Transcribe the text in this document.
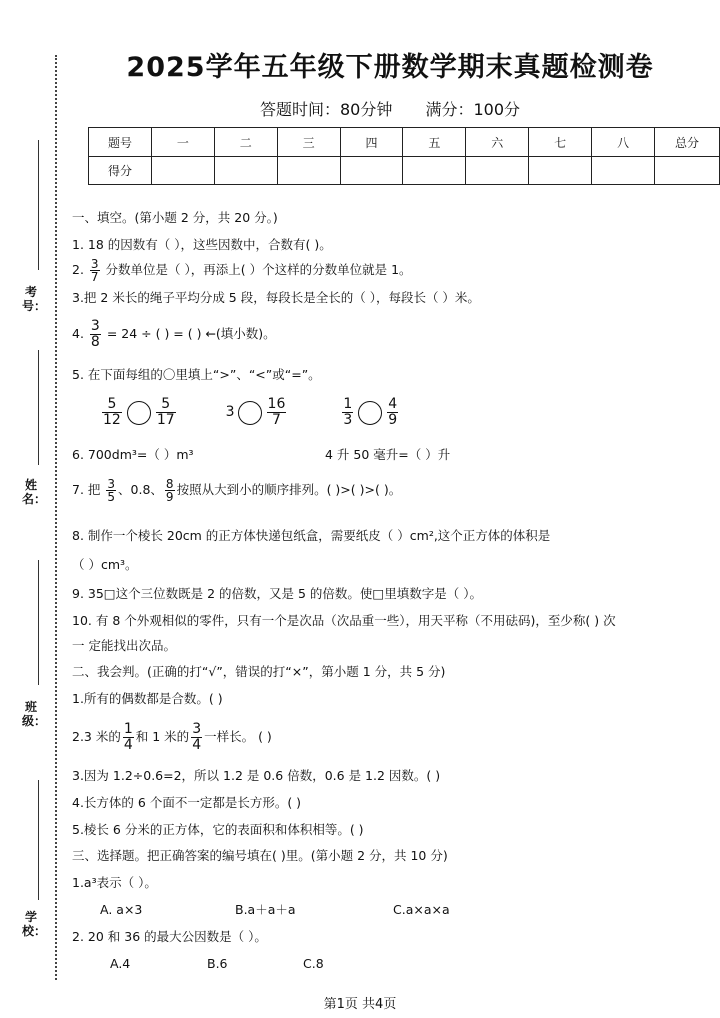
考号：
姓名：
班级：
学校：
2025学年五年级下册数学期末真题检测卷
答题时间：80分钟 满分：100分
题号	一	二	三	四	五	六	七	八	总分
得分									
一、填空。(第小题 2 分，共 20 分。)
1. 18 的因数有（ ），这些因数中，合数有( )。
2. $\frac{3}{7}$ 分数单位是（ ），再添上( ）个这样的分数单位就是 1。
3.把 2 米长的绳子平均分成 5 段，每段长是全长的（ ），每段长（ ）米。
4. $\frac{3}{8} = 24$ ÷ ( ) = ( ) ←(填小数)。
5. 在下面每组的〇里填上“>”、“<”或“=”。
$\frac{5}{12} \frac{5}{17}$	$3 \frac{16}{7}$
	$\frac{1}{3} \frac{4}{9}$
6. 700dm³=（ ）m³	4 升 50 毫升=（ ）升
7. 把 $\frac{3}{5}$ 、0.8、 $\frac{8}{9}$ 按照从大到小的顺序排列。( )>( )>( )。
8. 制作一个棱长 20cm 的正方体快递包纸盒，需要纸皮（ ）cm²,这个正方体的体积是
（ ）cm³。
9. 35□这个三位数既是 2 的倍数，又是 5 的倍数。使□里填数字是（ ）。
10. 有 8 个外观相似的零件，只有一个是次品（次品重一些），用天平称（不用砝码)，至少称( ) 次
一 定能找出次品。
二、我会判。(正确的打“√”，错误的打“×”，第小题 1 分，共 5 分)
1.所有的偶数都是合数。( )
2.3 米的 $\frac{1}{4}$ 和 1 米的 $\frac{3}{4}$ 一样长。 ( )
3.因为 1.2÷0.6=2，所以 1.2 是 0.6 倍数，0.6 是 1.2 因数。( )
4.长方体的 6 个面不一定都是长方形。( )
5.棱长 6 分米的正方体，它的表面积和体积相等。( )
三、选择题。把正确答案的编号填在( )里。(第小题 2 分，共 10 分)
1.a³表示（ ）。
A. a×3	B.a＋a＋a	C.a×a×a
2. 20 和 36 的最大公因数是（ ）。
A.4	B.6	C.8
第1页 共4页
